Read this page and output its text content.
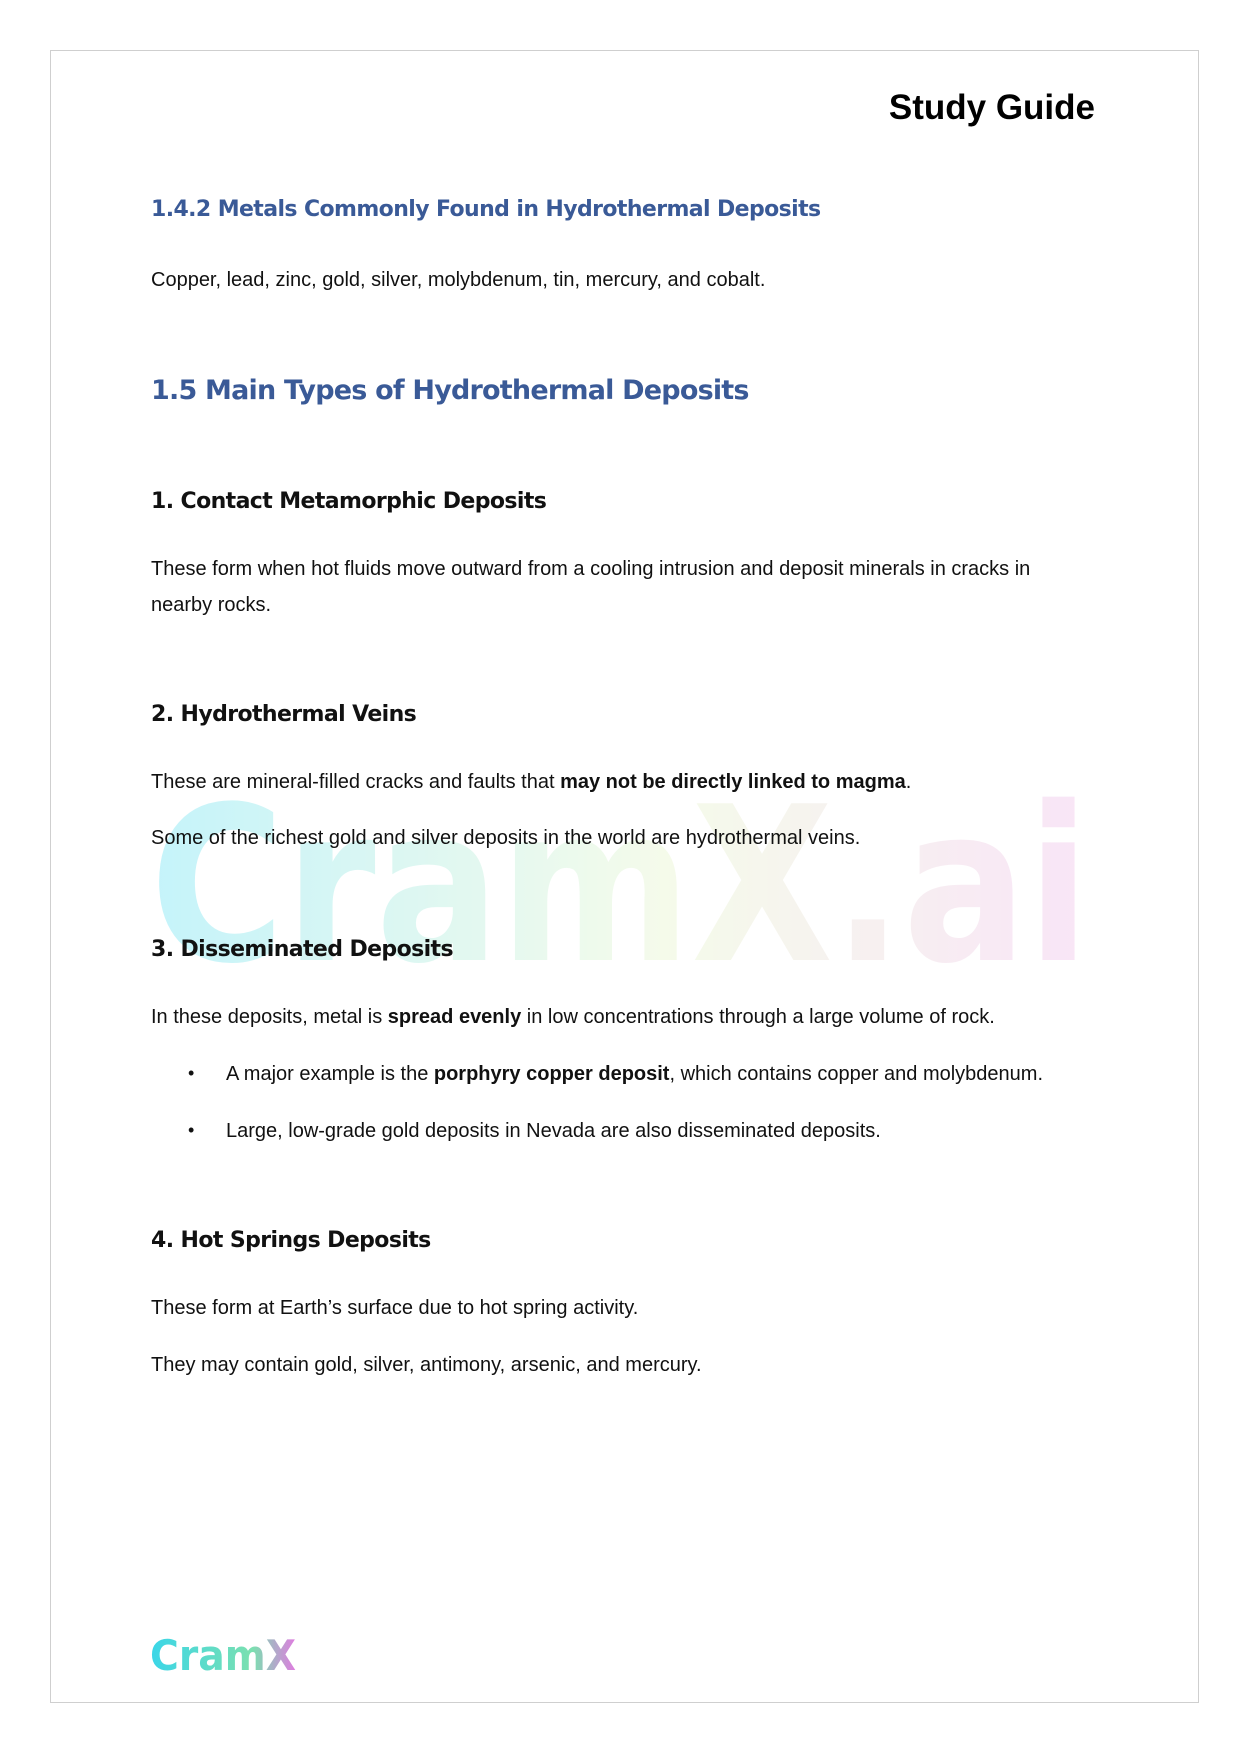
Study Guide
CramX.ai
1.4.2 Metals Commonly Found in Hydrothermal Deposits

Copper, lead, zinc, gold, silver, molybdenum, tin, mercury, and cobalt.

1.5 Main Types of Hydrothermal Deposits
1. Contact Metamorphic Deposits

These form when hot fluids move outward from a cooling intrusion and deposit minerals in cracks in nearby rocks.

2. Hydrothermal Veins

These are mineral-filled cracks and faults that may not be directly linked to magma.

Some of the richest gold and silver deposits in the world are hydrothermal veins.

3. Disseminated Deposits

In these deposits, metal is spread evenly in low concentrations through a large volume of rock.

• A major example is the porphyry copper deposit, which contains copper and molybdenum.

• Large, low-grade gold deposits in Nevada are also disseminated deposits.

4. Hot Springs Deposits

These form at Earth’s surface due to hot spring activity.

They may contain gold, silver, antimony, arsenic, and mercury.

CramX
